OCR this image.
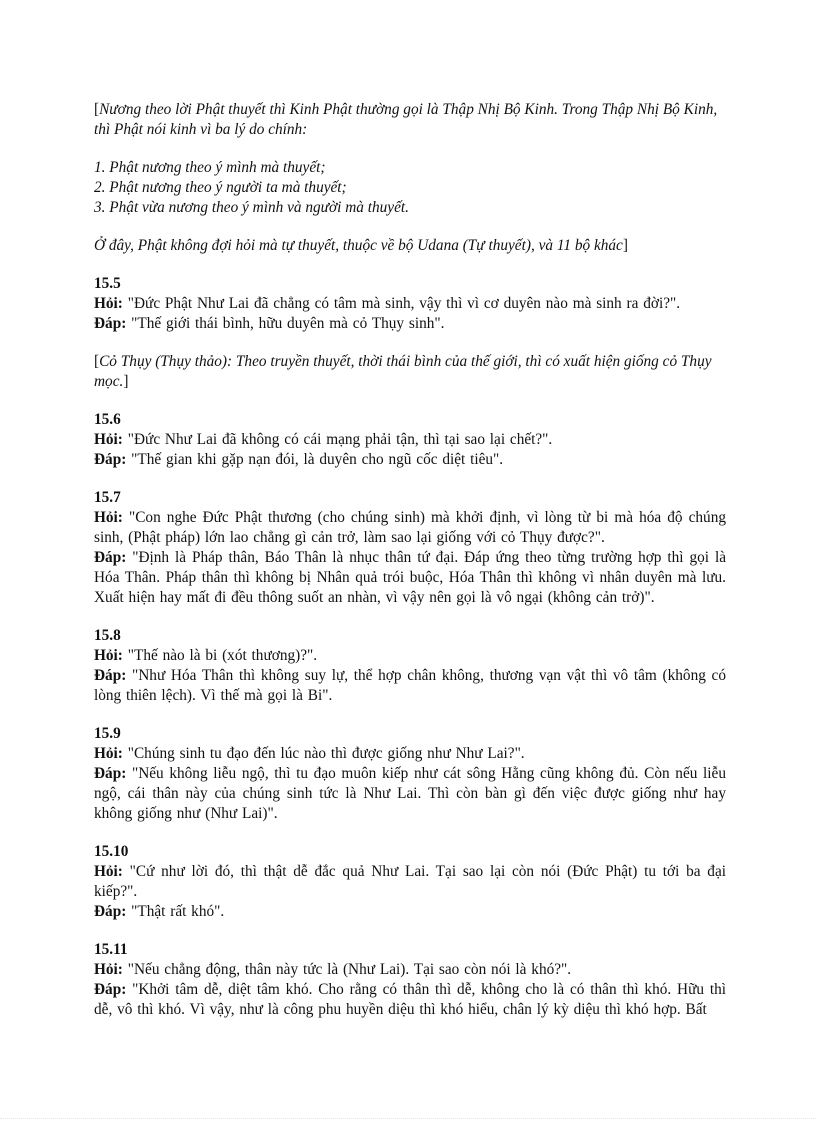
[Nương theo lời Phật thuyết thì Kinh Phật thường gọi là Thập Nhị Bộ Kinh. Trong Thập Nhị Bộ Kinh, thì Phật nói kinh vì ba lý do chính:

1. Phật nương theo ý mình mà thuyết;

2. Phật nương theo ý người ta mà thuyết;

3. Phật vừa nương theo ý mình và người mà thuyết.

Ở đây, Phật không đợi hỏi mà tự thuyết, thuộc về bộ Udana (Tự thuyết), và 11 bộ khác]

15.5

Hỏi: "Đức Phật Như Lai đã chẳng có tâm mà sinh, vậy thì vì cơ duyên nào mà sinh ra đời?".

Đáp: "Thế giới thái bình, hữu duyên mà cỏ Thụy sinh".

[Cỏ Thụy (Thụy thảo): Theo truyền thuyết, thời thái bình của thế giới, thì có xuất hiện giống cỏ Thụy mọc.]

15.6

Hỏi: "Đức Như Lai đã không có cái mạng phải tận, thì tại sao lại chết?".

Đáp: "Thế gian khi gặp nạn đói, là duyên cho ngũ cốc diệt tiêu".

15.7

Hỏi: "Con nghe Đức Phật thương (cho chúng sinh) mà khởi định, vì lòng từ bi mà hóa độ chúng sinh, (Phật pháp) lớn lao chẳng gì cản trở, làm sao lại giống với cỏ Thụy được?".

Đáp: "Định là Pháp thân, Báo Thân là nhục thân tứ đại. Đáp ứng theo từng trường hợp thì gọi là Hóa Thân. Pháp thân thì không bị Nhân quả trói buộc, Hóa Thân thì không vì nhân duyên mà lưu. Xuất hiện hay mất đi đều thông suốt an nhàn, vì vậy nên gọi là vô ngại (không cản trở)".

15.8

Hỏi: "Thế nào là bi (xót thương)?".

Đáp: "Như Hóa Thân thì không suy lự, thể hợp chân không, thương vạn vật thì vô tâm (không có lòng thiên lệch). Vì thế mà gọi là Bi".

15.9

Hỏi: "Chúng sinh tu đạo đến lúc nào thì được giống như Như Lai?".

Đáp: "Nếu không liễu ngộ, thì tu đạo muôn kiếp như cát sông Hằng cũng không đủ. Còn nếu liễu ngộ, cái thân này của chúng sinh tức là Như Lai. Thì còn bàn gì đến việc được giống như hay không giống như (Như Lai)".

15.10

Hỏi: "Cứ như lời đó, thì thật dễ đắc quả Như Lai. Tại sao lại còn nói (Đức Phật) tu tới ba đại kiếp?".

Đáp: "Thật rất khó".

15.11

Hỏi: "Nếu chẳng động, thân này tức là (Như Lai). Tại sao còn nói là khó?".

Đáp: "Khởi tâm dễ, diệt tâm khó. Cho rằng có thân thì dễ, không cho là có thân thì khó. Hữu thì dễ, vô thì khó. Vì vậy, như là công phu huyền diệu thì khó hiểu, chân lý kỳ diệu thì khó hợp. Bất
